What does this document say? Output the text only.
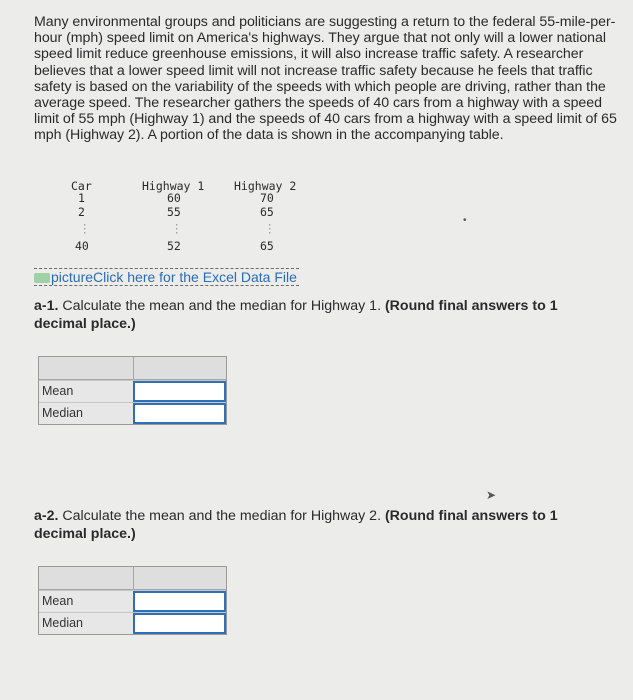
Many environmental groups and politicians are suggesting a return to the federal 55-mile-per-hour (mph) speed limit on America's highways. They argue that not only will a lower national speed limit reduce greenhouse emissions, it will also increase traffic safety. A researcher believes that a lower speed limit will not increase traffic safety because he feels that traffic safety is based on the variability of the speeds with which people are driving, rather than the average speed. The researcher gathers the speeds of 40 cars from a highway with a speed limit of 55 mph (Highway 1) and the speeds of 40 cars from a highway with a speed limit of 65 mph (Highway 2). A portion of the data is shown in the accompanying table.
Car	Highway 1	Highway 2
1	60	70
2	55	65
⋮	⋮	⋮
40	52	65
pictureClick here for the Excel Data File
a-1. Calculate the mean and the median for Highway 1. (Round final answers to 1 decimal place.)
Mean
Median
a-2. Calculate the mean and the median for Highway 2. (Round final answers to 1 decimal place.)
Mean
Median
•
➤
